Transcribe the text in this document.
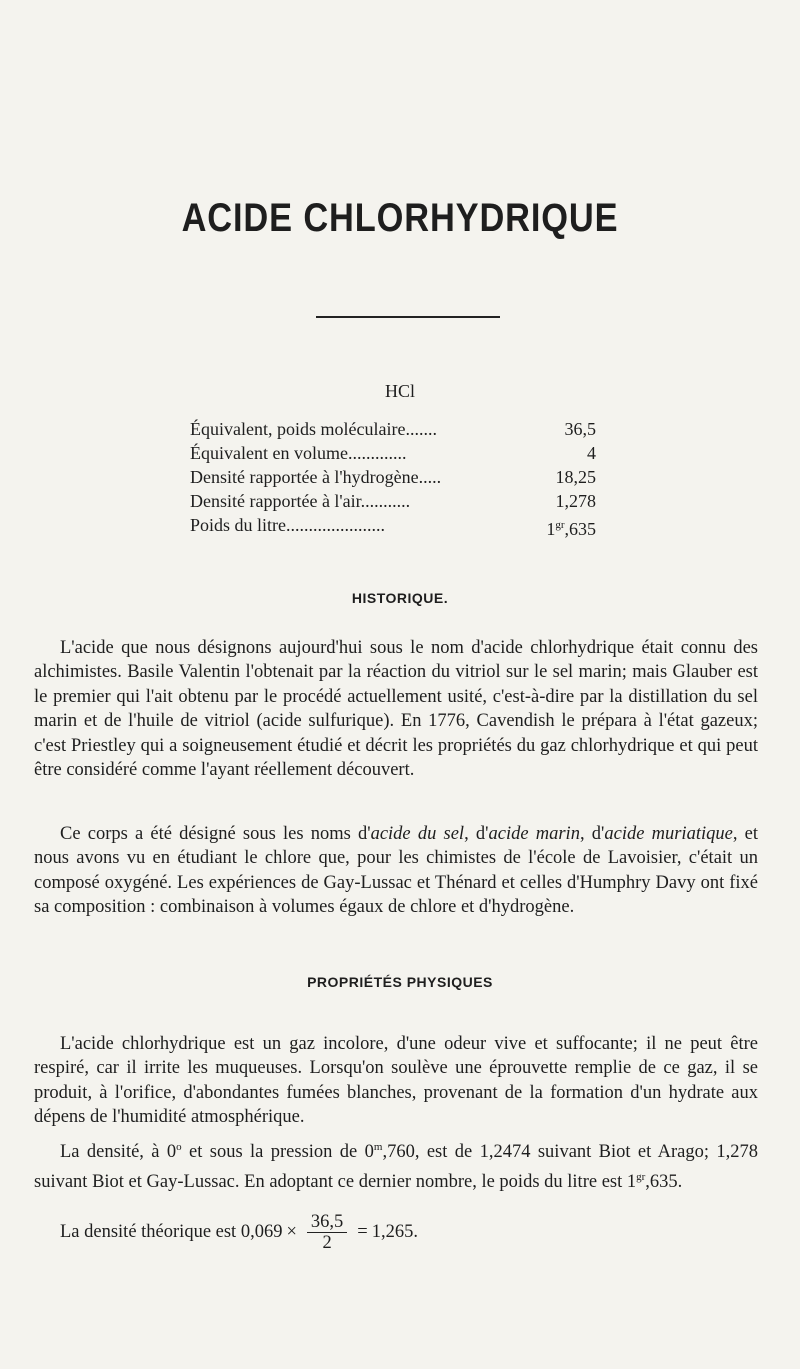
ACIDE CHLORHYDRIQUE
HCl
Équivalent, poids moléculaire.......	36,5
Équivalent en volume.............	4
Densité rapportée à l'hydrogène.....	18,25
Densité rapportée à l'air...........	1,278
Poids du litre......................	$1^{gr},635$
HISTORIQUE.

L'acide que nous désignons aujourd'hui sous le nom d'acide chlorhydrique était connu des alchimistes. Basile Valentin l'obtenait par la réaction du vitriol sur le sel marin; mais Glauber est le premier qui l'ait obtenu par le procédé actuellement usité, c'est-à-dire par la distillation du sel marin et de l'huile de vitriol (acide sulfurique). En 1776, Cavendish le prépara à l'état gazeux; c'est Priestley qui a soigneusement étudié et décrit les propriétés du gaz chlorhydrique et qui peut être considéré comme l'ayant réellement découvert.

Ce corps a été désigné sous les noms d'acide du sel, d'acide marin, d'acide muriatique, et nous avons vu en étudiant le chlore que, pour les chimistes de l'école de Lavoisier, c'était un composé oxygéné. Les expériences de Gay-Lussac et Thénard et celles d'Humphry Davy ont fixé sa composition : combinaison à volumes égaux de chlore et d'hydrogène.

PROPRIÉTÉS PHYSIQUES

L'acide chlorhydrique est un gaz incolore, d'une odeur vive et suffocante; il ne peut être respiré, car il irrite les muqueuses. Lorsqu'on soulève une éprouvette remplie de ce gaz, il se produit, à l'orifice, d'abondantes fumées blanches, provenant de la formation d'un hydrate aux dépens de l'humidité atmosphérique.

La densité, à 0$^o$ et sous la pression de 0$^m$,760, est de 1,2474 suivant Biot et Arago; 1,278 suivant Biot et Gay-Lussac. En adoptant ce dernier nombre, le poids du litre est $1^{gr},635$.

La densité théorique est $0,069 \times \frac{36,5}{2} = 1,265$.
